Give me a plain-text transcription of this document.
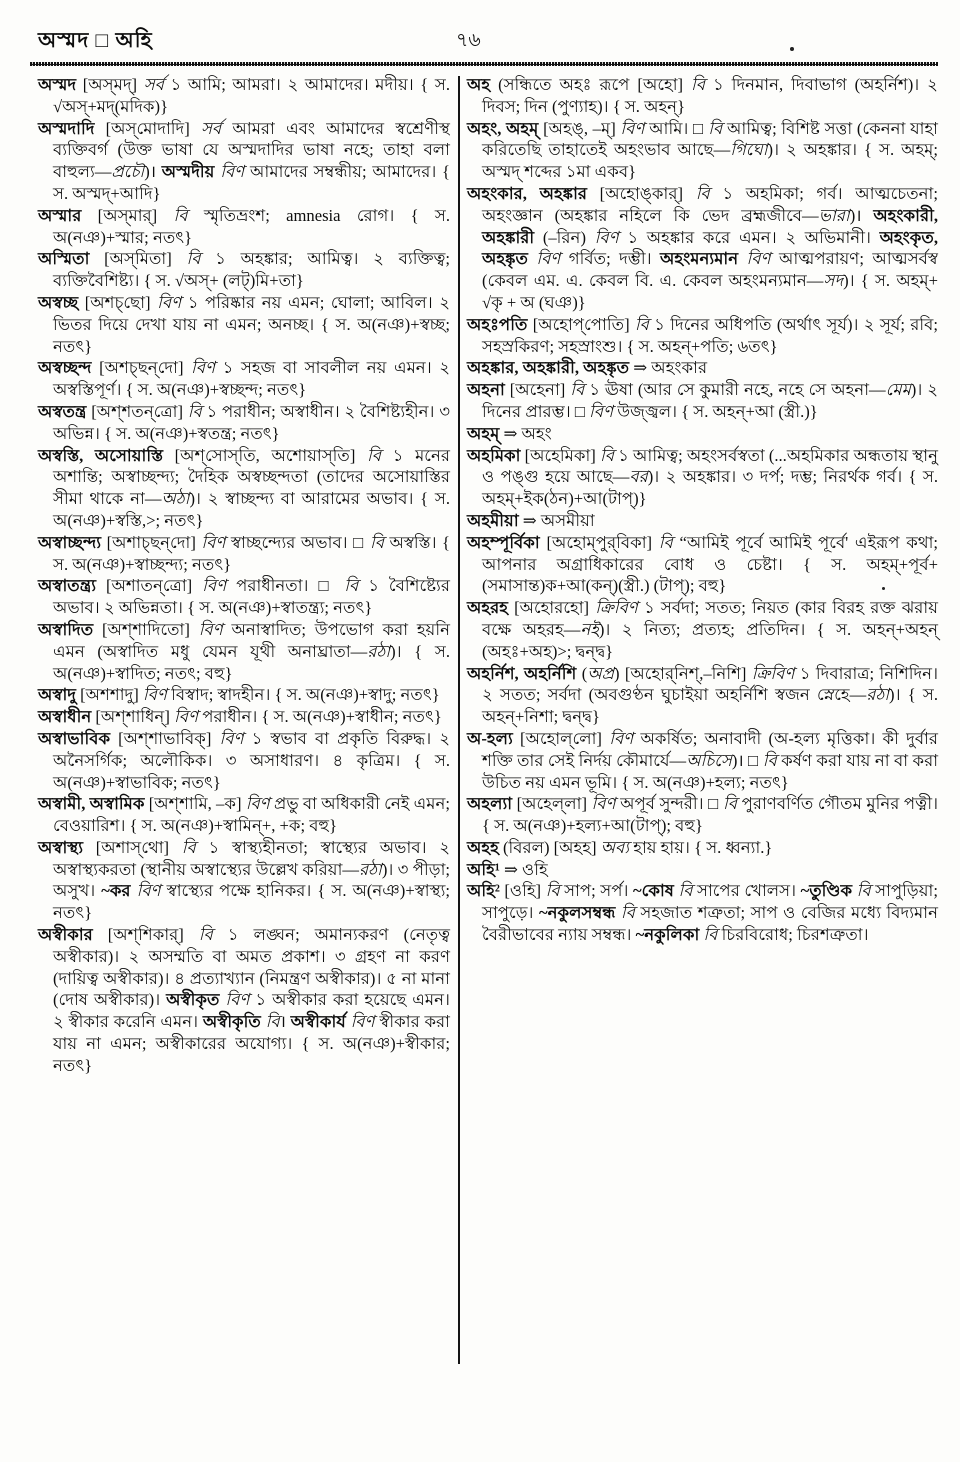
অস্মদ □ অহি	৭৬

অস্মদ [অস্‌মদ্] সর্ব ১ আমি; আমরা। ২ আমাদের। মদীয়। { স. √অস্+মদ্(মদিক)}

অস্মদাদি [অস্‌মোদাদি] সর্ব আমরা এবং আমাদের স্বশ্রেণীস্থ ব্যক্তিবর্গ (উক্ত ভাষা যে অস্মদাদির ভাষা নহে; তাহা বলা বাহুল্য—প্রচৌ)। অস্মদীয় বিণ আমাদের সম্বন্ধীয়; আমাদের। { স. অস্মদ্+আদি}

অস্মার [অস্‌মার্] বি স্মৃতিভ্রংশ; amnesia রোগ। { স. অ(নঞ)+স্মার; নতৎ}

অস্মিতা [অস্‌মিতা] বি ১ অহঙ্কার; আমিত্ব। ২ ব্যক্তিত্ব; ব্যক্তিবৈশিষ্ট্য। { স. √অস্+ (লট্)মি+তা}

অস্বচ্ছ [অশচ্‌ছো] বিণ ১ পরিষ্কার নয় এমন; ঘোলা; আবিল। ২ ভিতর দিয়ে দেখা যায় না এমন; অনচ্ছ। { স. অ(নঞ)+স্বচ্ছ; নতৎ}

অস্বচ্ছন্দ [অশচ্‌ছন্‌দো] বিণ ১ সহজ বা সাবলীল নয় এমন। ২ অস্বস্তিপূর্ণ। { স. অ(নঞ)+স্বচ্ছন্দ; নতৎ}

অস্বতন্ত্র [অশ্‌শতন্‌ত্রো] বি ১ পরাধীন; অস্বাধীন। ২ বৈশিষ্ট্যহীন। ৩ অভিন্ন। { স. অ(নঞ)+স্বতন্ত্র; নতৎ}

অস্বস্তি, অসোয়াস্তি [অশ্‌সোস্‌তি, অশোয়াস্‌তি] বি ১ মনের অশান্তি; অস্বাচ্ছন্দ্য; দৈহিক অস্বচ্ছন্দতা (তাদের অসোয়াস্তির সীমা থাকে না—অঠা)। ২ স্বাচ্ছন্দ্য বা আরামের অভাব। { স. অ(নঞ)+স্বস্তি,>; নতৎ}

অস্বাচ্ছন্দ্য [অশাচ্‌ছন্‌দো] বিণ স্বাচ্ছন্দ্যের অভাব। □ বি অস্বস্তি। { স. অ(নঞ)+স্বাচ্ছন্দ্য; নতৎ}

অস্বাতন্ত্র্য [অশাতন্‌ত্রো] বিণ পরাধীনতা। □ বি ১ বৈশিষ্ট্যের অভাব। ২ অভিন্নতা। { স. অ(নঞ)+স্বাতন্ত্র্য; নতৎ}

অস্বাদিত [অশ্‌শাদিতো] বিণ অনাস্বাদিত; উপভোগ করা হয়নি এমন (অস্বাদিত মধু যেমন যূথী অনাঘ্রাতা—রঠা)। { স. অ(নঞ)+স্বাদিত; নতৎ; বহু}

অস্বাদু [অশশাদু] বিণ বিস্বাদ; স্বাদহীন। { স. অ(নঞ)+স্বাদু; নতৎ}

অস্বাধীন [অশ্‌শাধিন্] বিণ পরাধীন। { স. অ(নঞ)+স্বাধীন; নতৎ}

অস্বাভাবিক [অশ্‌শাভাবিক্] বিণ ১ স্বভাব বা প্রকৃতি বিরুদ্ধ। ২ অনৈসর্গিক; অলৌকিক। ৩ অসাধারণ। ৪ কৃত্রিম। { স. অ(নঞ)+স্বাভাবিক; নতৎ}

অস্বামী, অস্বামিক [অশ্‌শামি, –ক] বিণ প্রভু বা অধিকারী নেই এমন; বেওয়ারিশ। { স. অ(নঞ)+স্বামিন্+, +ক; বহু}

অস্বাস্থ্য [অশাস্‌থো] বি ১ স্বাস্থ্যহীনতা; স্বাস্থ্যের অভাব। ২ অস্বাস্থ্যকরতা (স্থানীয় অস্বাস্থ্যের উল্লেখ করিয়া—রঠা)। ৩ পীড়া; অসুখ। ~কর বিণ স্বাস্থ্যের পক্ষে হানিকর। { স. অ(নঞ)+স্বাস্থ্য; নতৎ}

অস্বীকার [অশ্‌শিকার্] বি ১ লঙ্ঘন; অমান্যকরণ (নেতৃত্ব অস্বীকার)। ২ অসম্মতি বা অমত প্রকাশ। ৩ গ্রহণ না করণ (দায়িত্ব অস্বীকার)। ৪ প্রত্যাখ্যান (নিমন্ত্রণ অস্বীকার)। ৫ না মানা (দোষ অস্বীকার)। অস্বীকৃত বিণ ১ অস্বীকার করা হয়েছে এমন। ২ স্বীকার করেনি এমন। অস্বীকৃতি বি। অস্বীকার্য বিণ স্বীকার করা যায় না এমন; অস্বীকারের অযোগ্য। { স. অ(নঞ)+স্বীকার; নতৎ}

অহ (সন্ধিতে অহঃ রূপে [অহো] বি ১ দিনমান, দিবাভাগ (অহর্নিশ)। ২ দিবস; দিন (পুণ্যাহ)। { স. অহন্}

অহং, অহম্ [অহঙ্, –ম্] বিণ আমি। □ বি আমিত্ব; বিশিষ্ট সত্তা (কেননা যাহা করিতেছি তাহাতেই অহংভাব আছে—গিঘো)। ২ অহঙ্কার। { স. অহম্; অস্মদ্ শব্দের ১মা একব}

অহংকার, অহঙ্কার [অহোঙ্‌কার্] বি ১ অহমিকা; গর্ব। আত্মচেতনা; অহংজ্ঞান (অহঙ্কার নহিলে কি ভেদ ব্রহ্মজীবে—ভারা)। অহংকারী, অহঙ্কারী (–রিন) বিণ ১ অহঙ্কার করে এমন। ২ অভিমানী। অহংকৃত, অহঙ্কৃত বিণ গর্বিত; দম্ভী। অহংমন্যমান বিণ আত্মপরায়ণ; আত্মসর্বস্ব (কেবল এম. এ. কেবল বি. এ. কেবল অহংমন্যমান—সদ)। { স. অহম্+ √কৃ + অ (ঘঞ)}

অহঃপতি [অহোপ্‌পোতি] বি ১ দিনের অধিপতি (অর্থাৎ সূর্য)। ২ সূর্য; রবি; সহস্রকিরণ; সহস্রাংশু। { স. অহন্+পতি; ৬তৎ}

অহঙ্কার, অহঙ্কারী, অহঙ্কৃত ⇒ অহংকার

অহনা [অহেনা] বি ১ ঊষা (আর সে কুমারী নহে, নহে সে অহনা—মেম)। ২ দিনের প্রারম্ভ। □ বিণ উজ্জ্বল। { স. অহন্+আ (স্ত্রী.)}

অহম্ ⇒ অহং

অহমিকা [অহেমিকা] বি ১ আমিত্ব; অহংসর্বস্বতা (...অহমিকার অন্ধতায় স্থানু ও পঙ্গু হয়ে আছে—বর)। ২ অহঙ্কার। ৩ দর্প; দম্ভ; নিরর্থক গর্ব। { স. অহম্+ইক(ঠন)+আ(টাপ্)}

অহমীয়া ⇒ অসমীয়া

অহম্পূর্বিকা [অহোম্‌পুর্‌বিকা] বি “আমিই পূর্বে আমিই পূর্বে' এইরূপ কথা; আপনার অগ্রাধিকারের বোধ ও চেষ্টা। { স. অহম্+পূর্ব+(সমাসান্ত)ক+আ(কন্)(স্ত্রী.) (টাপ্); বহু}

অহরহ [অহোরহো] ক্রিবিণ ১ সর্বদা; সতত; নিয়ত (কার বিরহ রক্ত ঝরায় বক্ষে অহরহ—নই)। ২ নিত্য; প্রত্যহ; প্রতিদিন। { স. অহন্+অহন্ (অহঃ+অহ)>; দ্বন্দ্ব}

অহর্নিশ, অহর্নিশি (অপ্র) [অহোর্‌নিশ্,–নিশি] ক্রিবিণ ১ দিবারাত্র; নিশিদিন। ২ সতত; সর্বদা (অবগুণ্ঠন ঘুচাইয়া অহর্নিশি স্বজন স্নেহে—রঠা)। { স. অহন্+নিশা; দ্বন্দ্ব}

অ-হল্য [অহোল্‌লো] বিণ অকর্ষিত; অনাবাদী (অ-হল্য মৃত্তিকা। কী দুর্বার শক্তি তার সেই নির্দয় কৌমার্যে—অচিসে)। □ বি কর্ষণ করা যায় না বা করা উচিত নয় এমন ভূমি। { স. অ(নঞ)+হল্য; নতৎ}

অহল্যা [অহেল্‌লা] বিণ অপূর্ব সুন্দরী। □ বি পুরাণবর্ণিত গৌতম মুনির পত্নী। { স. অ(নঞ)+হল্য+আ(টাপ্); বহু}

অহহ (বিরল) [অহহ] অব্য হায় হায়। { স. ধ্বন্যা.}

অহি¹ ⇒ ওহি

অহি² [ওহি] বি সাপ; সর্প। ~কোষ বি সাপের খোলস। ~তুণ্ডিক বি সাপুড়িয়া; সাপুড়ে। ~নকুলসম্বন্ধ বি সহজাত শত্রুতা; সাপ ও বেজির মধ্যে বিদ্যমান বৈরীভাবের ন্যায় সম্বন্ধ। ~নকুলিকা বি চিরবিরোধ; চিরশত্রুতা।
